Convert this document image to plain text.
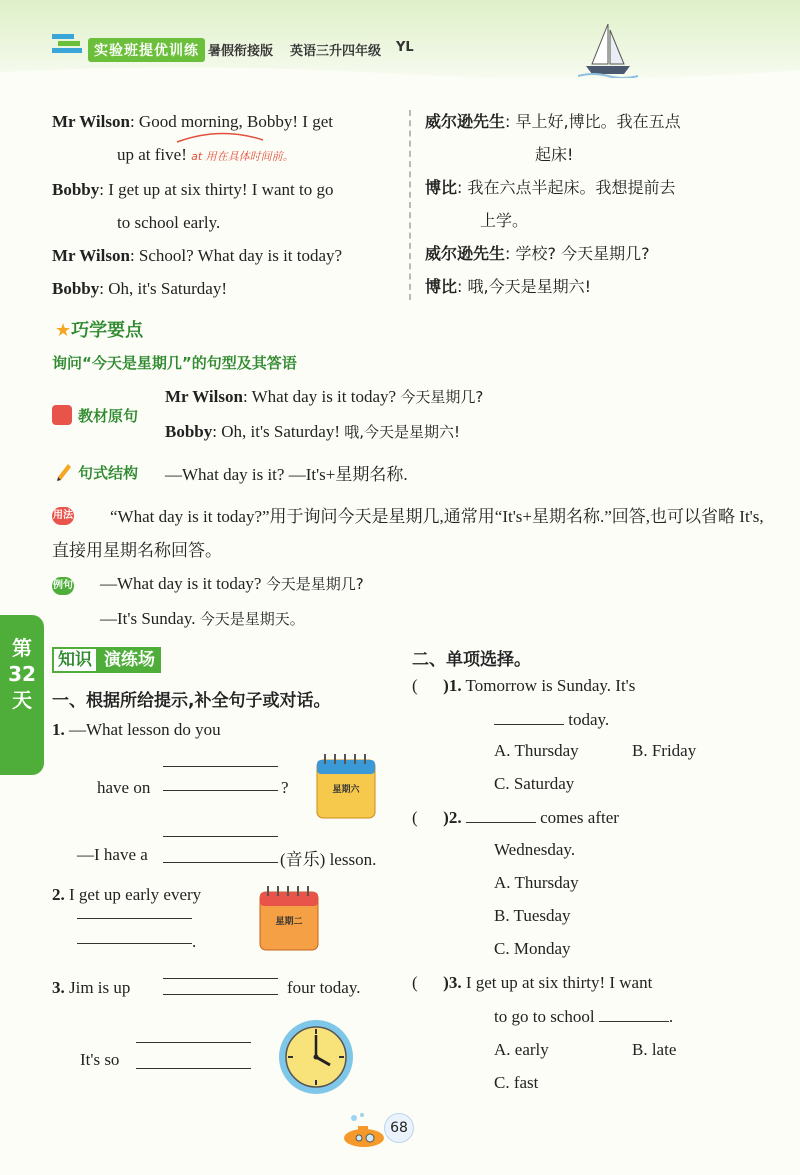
实验班提优训练 暑假衔接版 英语三升四年级 YL
Mr Wilson: Good morning, Bobby! I get
up at five! at 用在具体时间前。
Bobby: I get up at six thirty! I want to go
to school early.
Mr Wilson: School? What day is it today?
Bobby: Oh, it's Saturday!
威尔逊先生: 早上好,博比。我在五点
起床!
博比: 我在六点半起床。我想提前去
上学。
威尔逊先生: 学校? 今天星期几?
博比: 哦,今天是星期六!
★巧学要点
询问“今天是星期几”的句型及其答语
教材原句
Mr Wilson: What day is it today? 今天星期几?
Bobby: Oh, it's Saturday! 哦,今天是星期六!
句式结构 —What day is it? —It's+星期名称.
用法	“What day is it today?”用于询问今天是星期几,通常用“It's+星期名称.”回答,也可以省略 It's,直接用星期名称回答。
例句 —What day is it today? 今天是星期几?
—It's Sunday. 今天是星期天。
第
32
天
知识 演练场
一、根据所给提示,补全句子或对话。
1. —What lesson do you
have on	?
—I have a	(音乐) lesson.
星期六
2. I get up early every
.
星期二
3. Jim is up	four today.
It's so
二、单项选择。
( )1. Tomorrow is Sunday. It's
today.
A. Thursday	B. Friday
C. Saturday
( )2.	comes after
Wednesday.
A. Thursday
B. Tuesday
C. Monday
( )3. I get up at six thirty! I want
to go to school	.
A. early	B. late
C. fast
68
